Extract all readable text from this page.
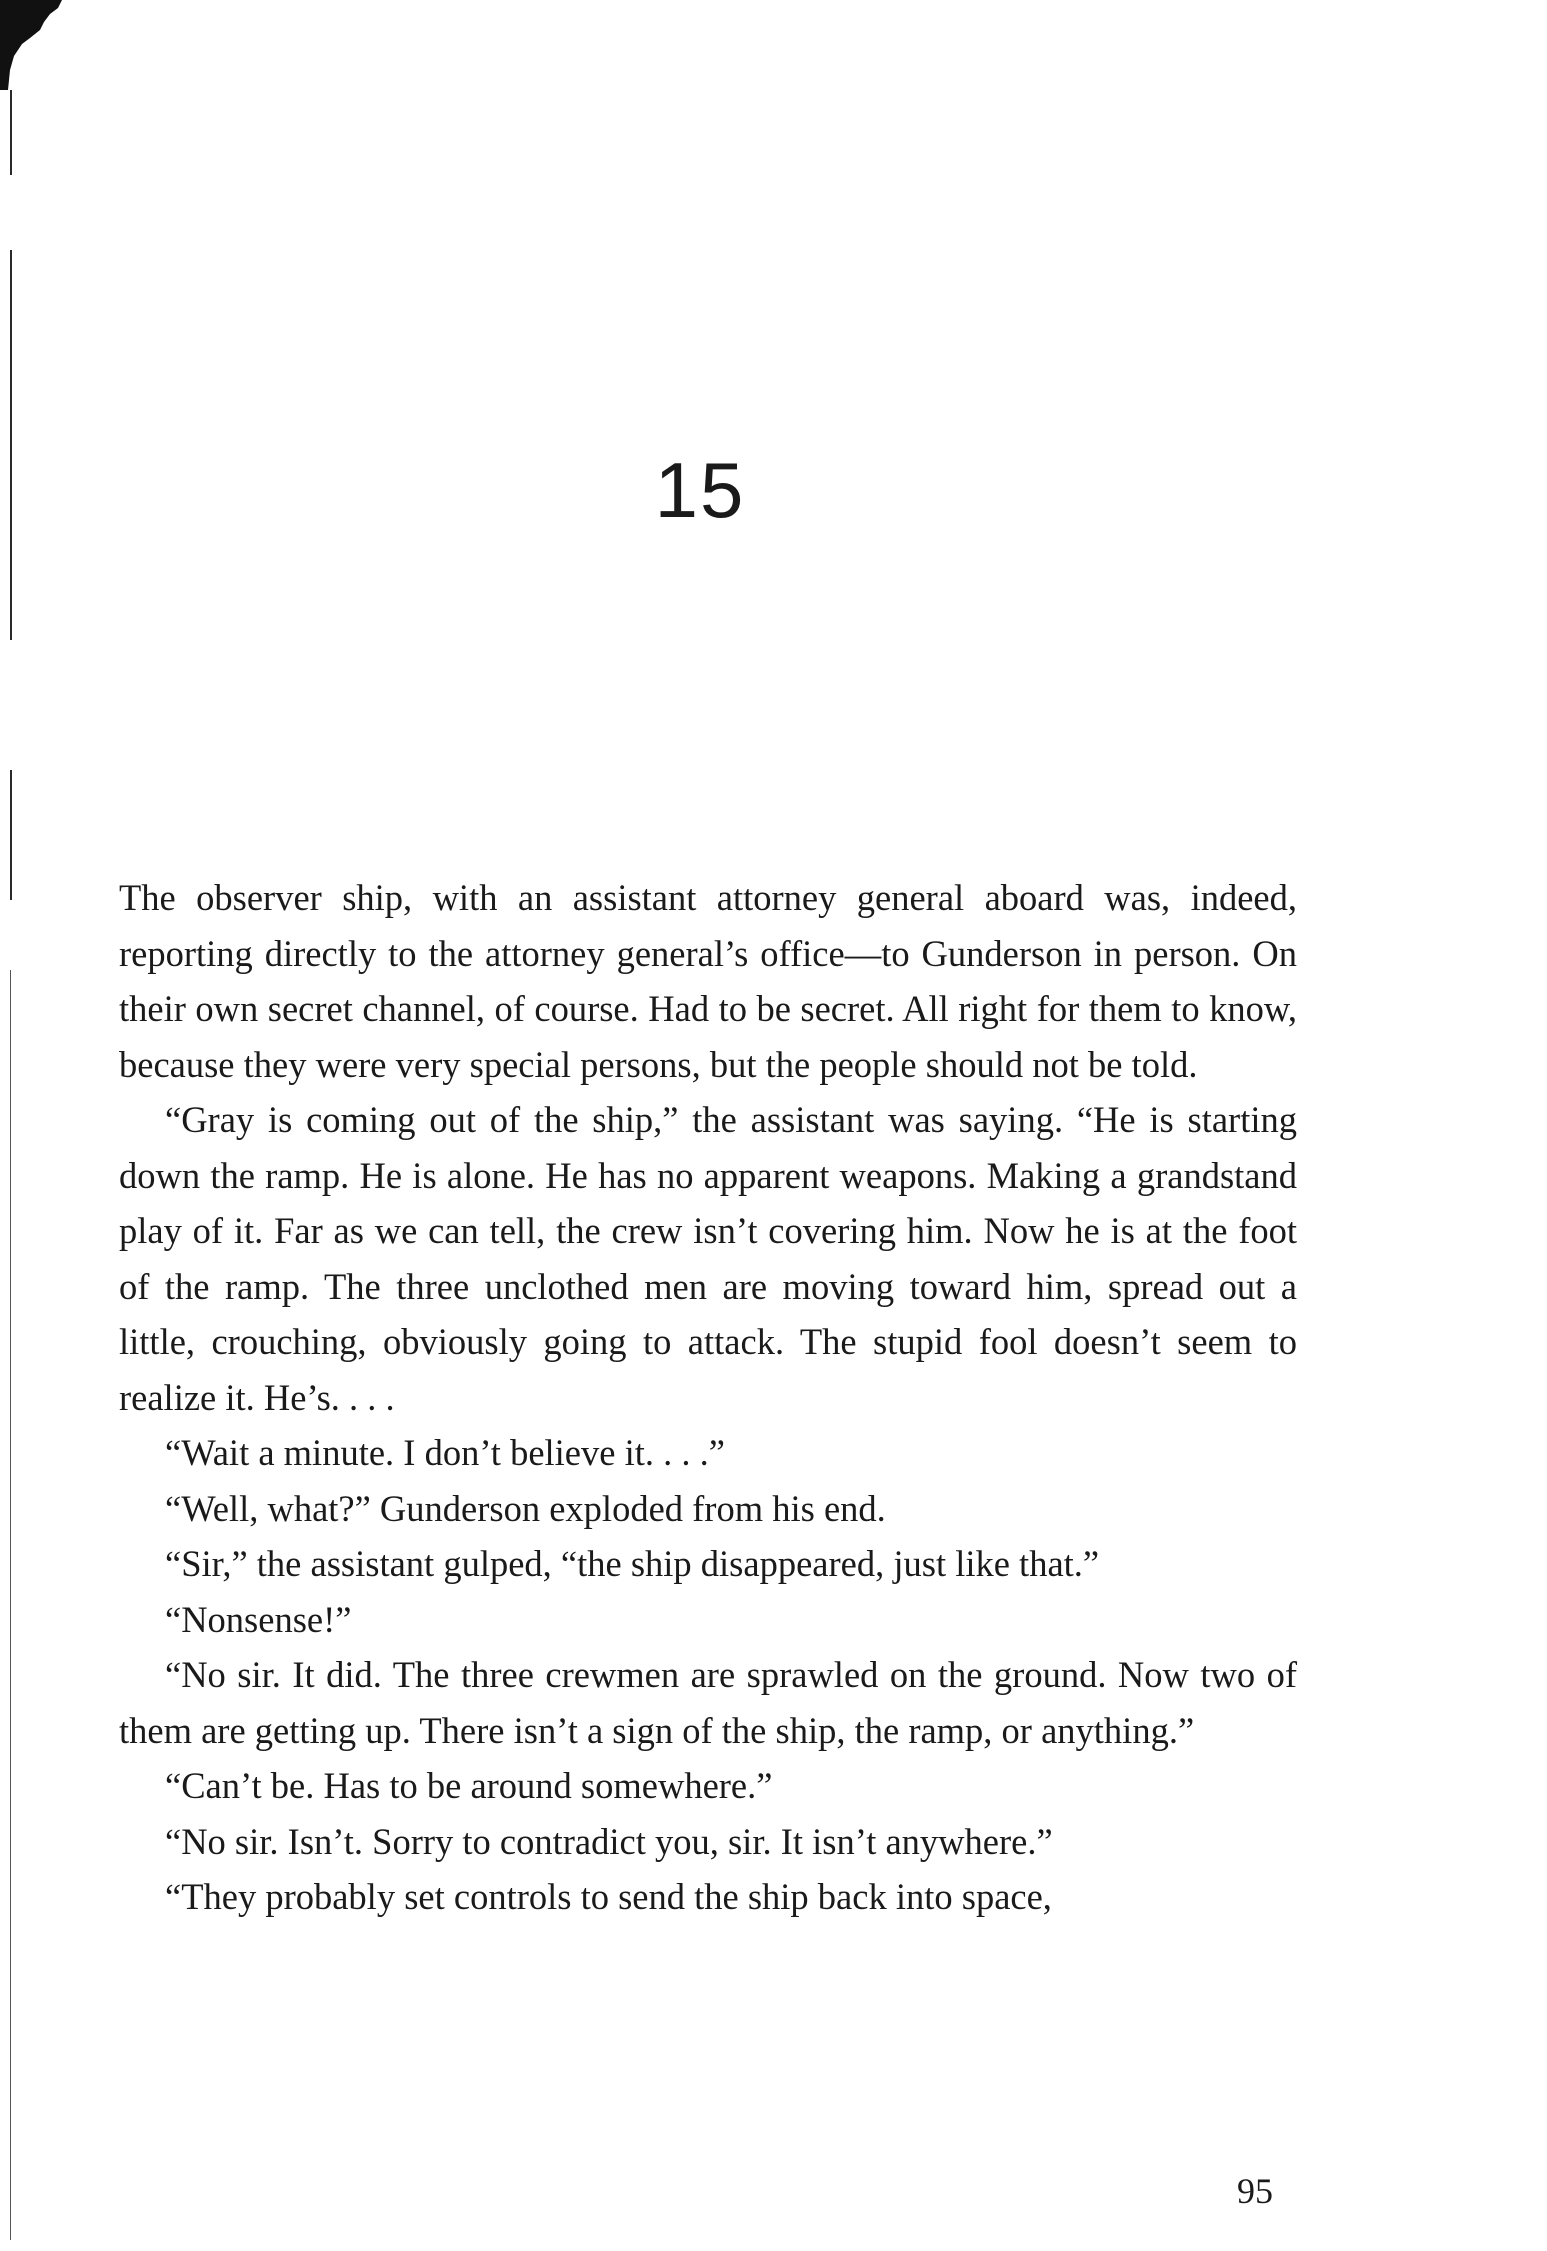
15

The observer ship, with an assistant attorney general aboard was, indeed, reporting directly to the attorney general’s office—to Gunderson in person. On their own secret channel, of course. Had to be secret. All right for them to know, because they were very special persons, but the people should not be told.

“Gray is coming out of the ship,” the assistant was saying. “He is starting down the ramp. He is alone. He has no apparent weapons. Making a grandstand play of it. Far as we can tell, the crew isn’t covering him. Now he is at the foot of the ramp. The three unclothed men are moving toward him, spread out a little, crouching, obviously going to attack. The stupid fool doesn’t seem to realize it. He’s. . . .

“Wait a minute. I don’t believe it. . . .”

“Well, what?” Gunderson exploded from his end.

“Sir,” the assistant gulped, “the ship disappeared, just like that.”

“Nonsense!”

“No sir. It did. The three crewmen are sprawled on the ground. Now two of them are getting up. There isn’t a sign of the ship, the ramp, or anything.”

“Can’t be. Has to be around somewhere.”

“No sir. Isn’t. Sorry to contradict you, sir. It isn’t anywhere.”

“They probably set controls to send the ship back into space,

95
